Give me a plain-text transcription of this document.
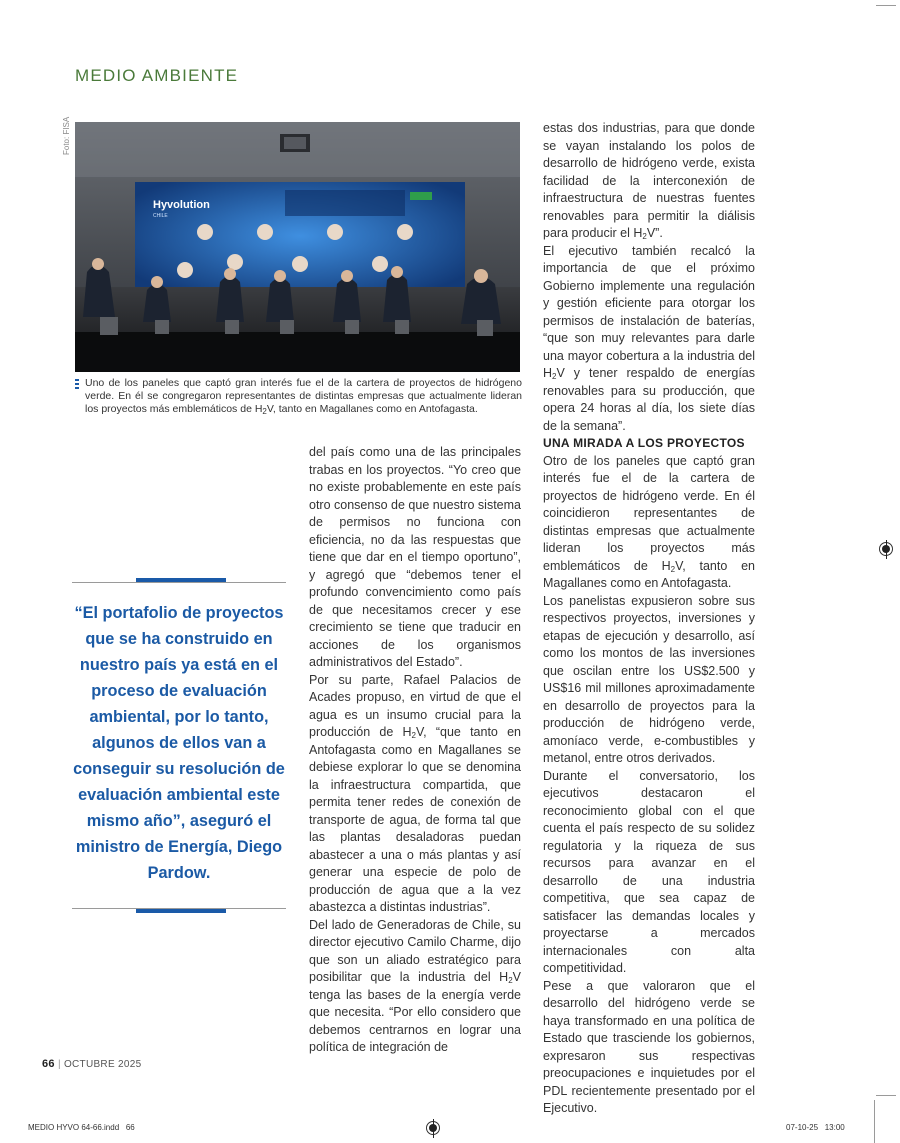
MEDIO AMBIENTE
Foto: FISA
Hyvolution
CHILE
Uno de los paneles que captó gran interés fue el de la cartera de proyectos de hidrógeno verde. En él se congregaron representantes de distintas empresas que actualmente lideran los proyectos más emblemáticos de $H_2V$, tanto en Magallanes como en Antofagasta.
“El portafolio de proyectos que se ha construido en nuestro país ya está en el proceso de evaluación ambiental, por lo tanto, algunos de ellos van a conseguir su resolución de evaluación ambiental este mismo año”, aseguró el ministro de Energía, Diego Pardow.

del país como una de las principales trabas en los proyectos. “Yo creo que no existe probablemente en este país otro consenso de que nuestro sistema de permisos no funciona con eficiencia, no da las respuestas que tiene que dar en el tiempo oportuno”, y agregó que “debemos tener el profundo convencimiento como país de que necesitamos crecer y ese crecimiento se tiene que traducir en acciones de los organismos administrativos del Estado”.

Por su parte, Rafael Palacios de Acades propuso, en virtud de que el agua es un insumo crucial para la producción de $H_2V$, “que tanto en Antofagasta como en Magallanes se debiese explorar lo que se denomina la infraestructura compartida, que permita tener redes de conexión de transporte de agua, de forma tal que las plantas desaladoras puedan abastecer a una o más plantas y así generar una especie de polo de producción de agua que a la vez abastezca a distintas industrias”.

Del lado de Generadoras de Chile, su director ejecutivo Camilo Charme, dijo que son un aliado estratégico para posibilitar que la industria del $H_2V$ tenga las bases de la energía verde que necesita. “Por ello considero que debemos centrarnos en lograr una política de integración de

estas dos industrias, para que donde se vayan instalando los polos de desarrollo de hidrógeno verde, exista facilidad de la interconexión de infraestructura de nuestras fuentes renovables para permitir la diálisis para producir el $H_2V$”.

El ejecutivo también recalcó la importancia de que el próximo Gobierno implemente una regulación y gestión eficiente para otorgar los permisos de instalación de baterías, “que son muy relevantes para darle una mayor cobertura a la industria del $H_2V$ y tener respaldo de energías renovables para su producción, que opera 24 horas al día, los siete días de la semana”.

UNA MIRADA A LOS PROYECTOS

Otro de los paneles que captó gran interés fue el de la cartera de proyectos de hidrógeno verde. En él coincidieron representantes de distintas empresas que actualmente lideran los proyectos más emblemáticos de $H_2V$, tanto en Magallanes como en Antofagasta.

Los panelistas expusieron sobre sus respectivos proyectos, inversiones y etapas de ejecución y desarrollo, así como los montos de las inversiones que oscilan entre los US$2.500 y US$16 mil millones aproximadamente en desarrollo de proyectos para la producción de hidrógeno verde, amoníaco verde, e-combustibles y metanol, entre otros derivados.

Durante el conversatorio, los ejecutivos destacaron el reconocimiento global con el que cuenta el país respecto de su solidez regulatoria y la riqueza de sus recursos para avanzar en el desarrollo de una industria competitiva, que sea capaz de satisfacer las demandas locales y proyectarse a mercados internacionales con alta competitividad.

Pese a que valoraron que el desarrollo del hidrógeno verde se haya transformado en una política de Estado que trasciende los gobiernos, expresaron sus respectivas preocupaciones e inquietudes por el PDL recientemente presentado por el Ejecutivo.

66 | OCTUBRE 2025
MEDIO HYVO 64-66.indd   66	07-10-25   13:00
